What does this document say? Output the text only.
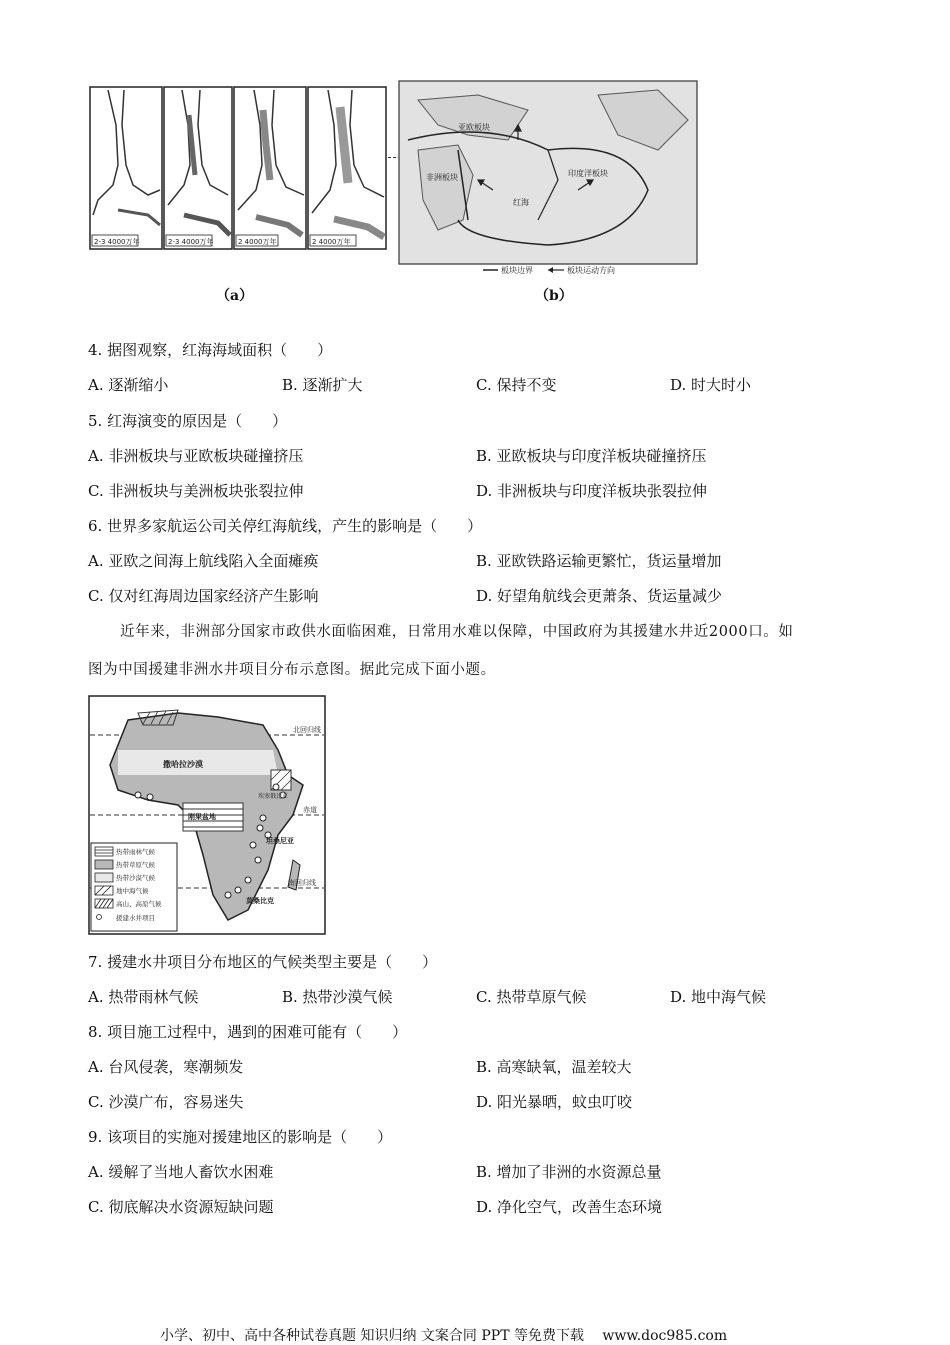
2-3 4000万年	2-3 4000万年	2 4000万年	2 4000万年
（a）
亚欧板块
非洲板块	印度洋板块
红海
板块边界	板块运动方向
（b）
4. 据图观察，红海海域面积（　　）
A. 逐渐缩小	B. 逐渐扩大	C. 保持不变	D. 时大时小
5. 红海演变的原因是（　　）
A. 非洲板块与亚欧板块碰撞挤压	B. 亚欧板块与印度洋板块碰撞挤压
C. 非洲板块与美洲板块张裂拉伸	D. 非洲板块与印度洋板块张裂拉伸
6. 世界多家航运公司关停红海航线，产生的影响是（　　）
A. 亚欧之间海上航线陷入全面瘫痪	B. 亚欧铁路运输更繁忙，货运量增加
C. 仅对红海周边国家经济产生影响	D. 好望角航线会更萧条、货运量减少
近年来，非洲部分国家市政供水面临困难，日常用水难以保障，中国政府为其援建水井近2000口。如
图为中国援建非洲水井项目分布示意图。据此完成下面小题。
撒哈拉沙漠
北回归线
赤道
刚果盆地
坦桑尼亚
南回归线
莫桑比克
埃塞俄比亚
热带雨林气候
热带草原气候
热带沙漠气候
地中海气候
高山、高原气候
援建水井项目
7. 援建水井项目分布地区的气候类型主要是（　　）
A. 热带雨林气候	B. 热带沙漠气候	C. 热带草原气候	D. 地中海气候
8. 项目施工过程中，遇到的困难可能有（　　）
A. 台风侵袭，寒潮频发	B. 高寒缺氧，温差较大
C. 沙漠广布，容易迷失	D. 阳光暴晒，蚊虫叮咬
9. 该项目的实施对援建地区的影响是（　　）
A. 缓解了当地人畜饮水困难	B. 增加了非洲的水资源总量
C. 彻底解决水资源短缺问题	D. 净化空气，改善生态环境
小学、初中、高中各种试卷真题 知识归纳 文案合同 PPT 等免费下载　 www.doc985.com
